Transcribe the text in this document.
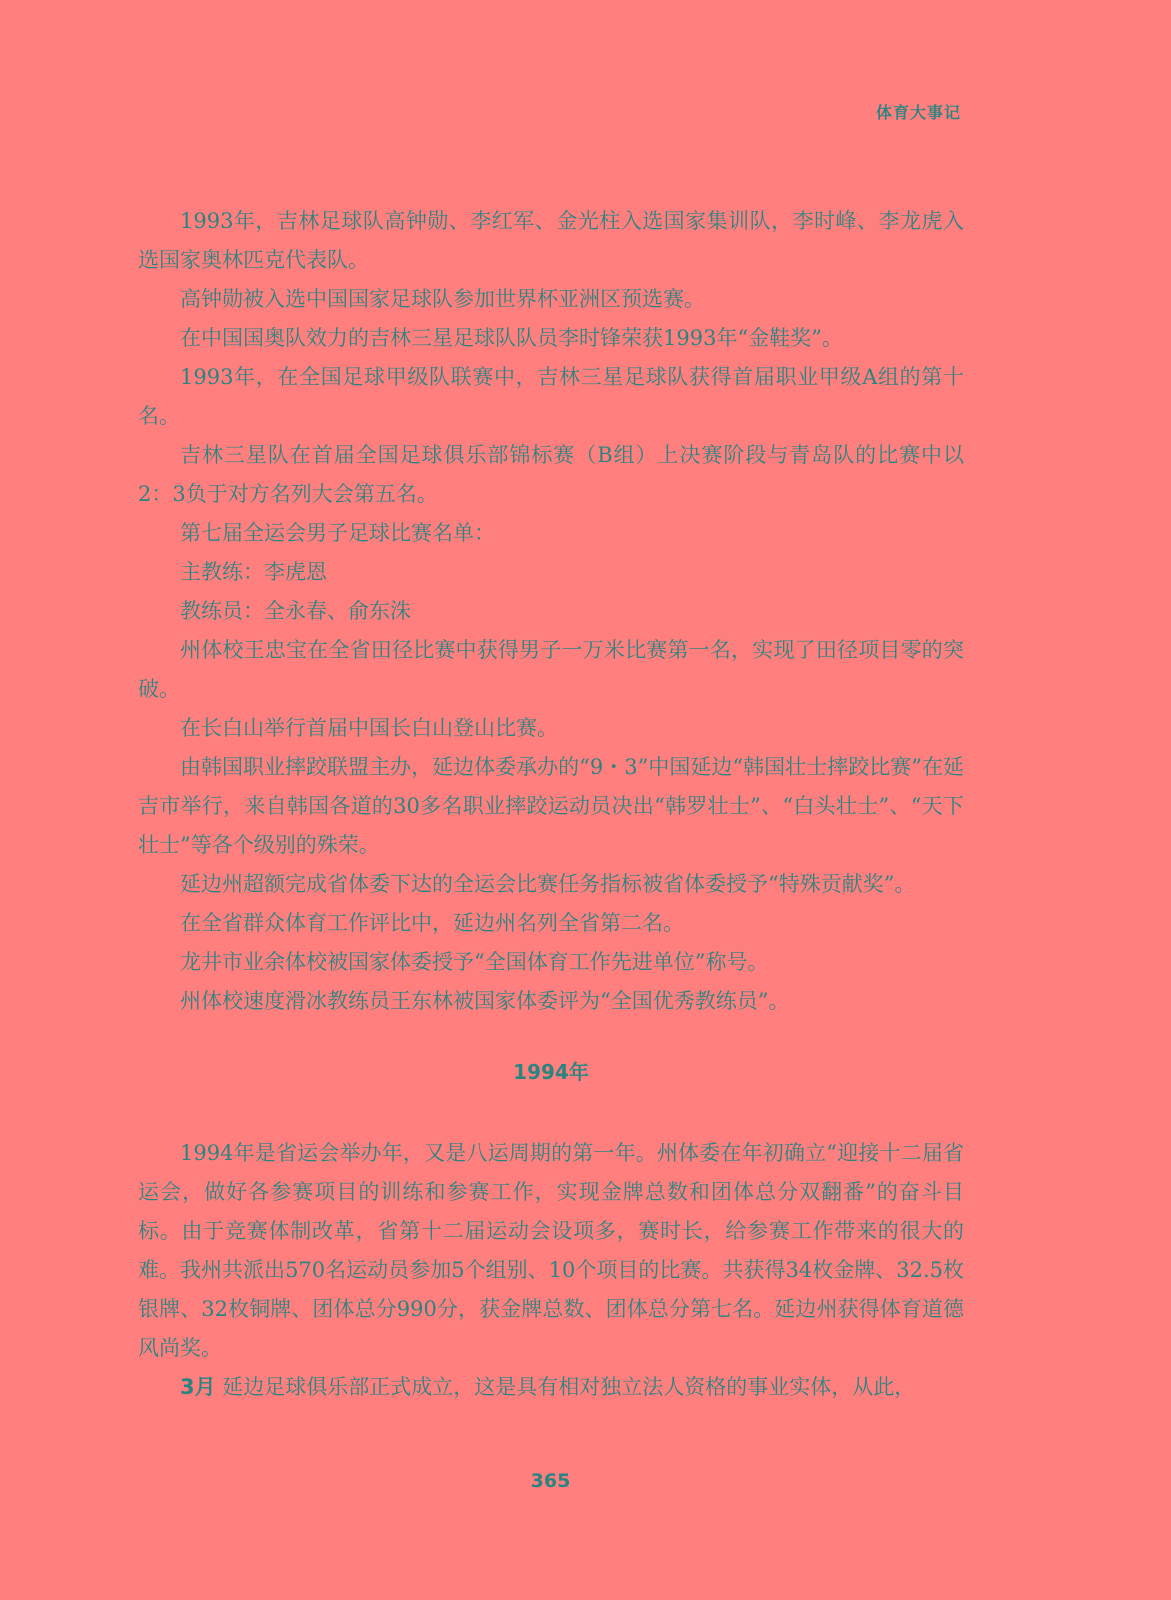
体育大事记

1993年，吉林足球队高钟勋、李红军、金光柱入选国家集训队，李时峰、李龙虎入选国家奥林匹克代表队。

高钟勋被入选中国国家足球队参加世界杯亚洲区预选赛。

在中国国奥队效力的吉林三星足球队队员李时锋荣获1993年“金鞋奖”。

1993年，在全国足球甲级队联赛中，吉林三星足球队获得首届职业甲级A组的第十名。

吉林三星队在首届全国足球俱乐部锦标赛（B组）上决赛阶段与青岛队的比赛中以2：3负于对方名列大会第五名。

第七届全运会男子足球比赛名单：

主教练：李虎恩

教练员：全永春、俞东洙

州体校王忠宝在全省田径比赛中获得男子一万米比赛第一名，实现了田径项目零的突破。

在长白山举行首届中国长白山登山比赛。

由韩国职业摔跤联盟主办，延边体委承办的“9・3”中国延边“韩国壮士摔跤比赛”在延吉市举行，来自韩国各道的30多名职业摔跤运动员决出“韩罗壮士”、“白头壮士”、“天下壮士”等各个级别的殊荣。

延边州超额完成省体委下达的全运会比赛任务指标被省体委授予“特殊贡献奖”。

在全省群众体育工作评比中，延边州名列全省第二名。

龙井市业余体校被国家体委授予“全国体育工作先进单位”称号。

州体校速度滑冰教练员王东林被国家体委评为“全国优秀教练员”。

1994年

1994年是省运会举办年，又是八运周期的第一年。州体委在年初确立“迎接十二届省运会，做好各参赛项目的训练和参赛工作，实现金牌总数和团体总分双翻番”的奋斗目标。由于竞赛体制改革，省第十二届运动会设项多，赛时长，给参赛工作带来的很大的难。我州共派出570名运动员参加5个组别、10个项目的比赛。共获得34枚金牌、32.5枚银牌、32枚铜牌、团体总分990分，获金牌总数、团体总分第七名。延边州获得体育道德风尚奖。

3月 延边足球俱乐部正式成立，这是具有相对独立法人资格的事业实体，从此，

365
